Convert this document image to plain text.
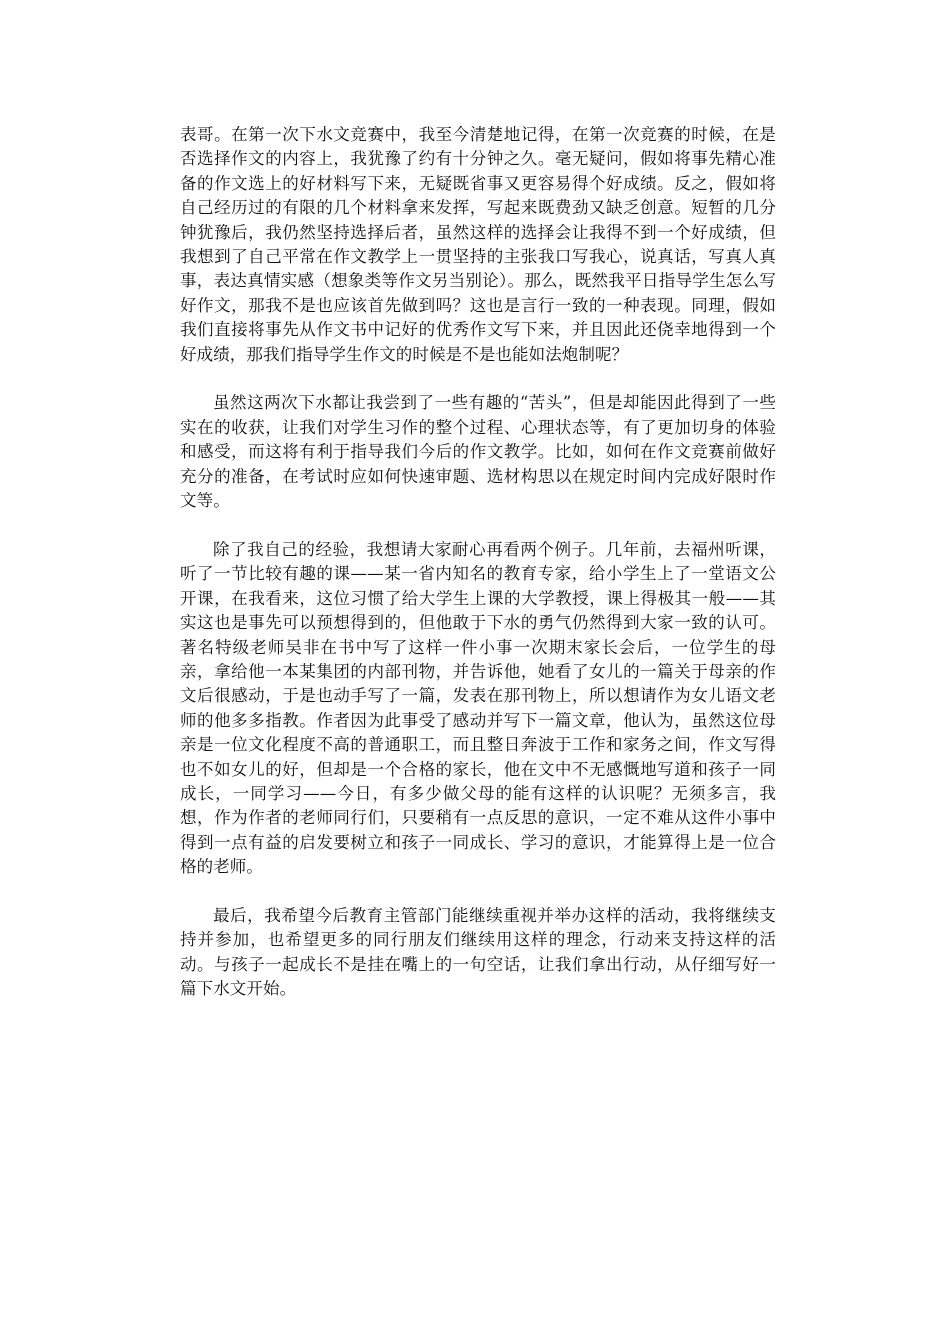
表哥。在第一次下水文竞赛中，我至今清楚地记得，在第一次竞赛的时候，在是否选择作文的内容上，我犹豫了约有十分钟之久。毫无疑问，假如将事先精心准备的作文选上的好材料写下来，无疑既省事又更容易得个好成绩。反之，假如将自己经历过的有限的几个材料拿来发挥，写起来既费劲又缺乏创意。短暂的几分钟犹豫后，我仍然坚持选择后者，虽然这样的选择会让我得不到一个好成绩，但我想到了自己平常在作文教学上一贯坚持的主张我口写我心，说真话，写真人真事，表达真情实感（想象类等作文另当别论）。那么，既然我平日指导学生怎么写好作文，那我不是也应该首先做到吗？这也是言行一致的一种表现。同理，假如我们直接将事先从作文书中记好的优秀作文写下来，并且因此还侥幸地得到一个好成绩，那我们指导学生作文的时候是不是也能如法炮制呢？

虽然这两次下水都让我尝到了一些有趣的“苦头”，但是却能因此得到了一些实在的收获，让我们对学生习作的整个过程、心理状态等，有了更加切身的体验和感受，而这将有利于指导我们今后的作文教学。比如，如何在作文竞赛前做好充分的准备，在考试时应如何快速审题、选材构思以在规定时间内完成好限时作文等。

除了我自己的经验，我想请大家耐心再看两个例子。几年前，去福州听课，听了一节比较有趣的课——某一省内知名的教育专家，给小学生上了一堂语文公开课，在我看来，这位习惯了给大学生上课的大学教授，课上得极其一般——其实这也是事先可以预想得到的，但他敢于下水的勇气仍然得到大家一致的认可。著名特级老师吴非在书中写了这样一件小事一次期末家长会后，一位学生的母亲，拿给他一本某集团的内部刊物，并告诉他，她看了女儿的一篇关于母亲的作文后很感动，于是也动手写了一篇，发表在那刊物上，所以想请作为女儿语文老师的他多多指教。作者因为此事受了感动并写下一篇文章，他认为，虽然这位母亲是一位文化程度不高的普通职工，而且整日奔波于工作和家务之间，作文写得也不如女儿的好，但却是一个合格的家长，他在文中不无感慨地写道和孩子一同成长，一同学习——今日，有多少做父母的能有这样的认识呢？无须多言，我想，作为作者的老师同行们，只要稍有一点反思的意识，一定不难从这件小事中得到一点有益的启发要树立和孩子一同成长、学习的意识，才能算得上是一位合格的老师。

最后，我希望今后教育主管部门能继续重视并举办这样的活动，我将继续支持并参加，也希望更多的同行朋友们继续用这样的理念，行动来支持这样的活动。与孩子一起成长不是挂在嘴上的一句空话，让我们拿出行动，从仔细写好一篇下水文开始。
